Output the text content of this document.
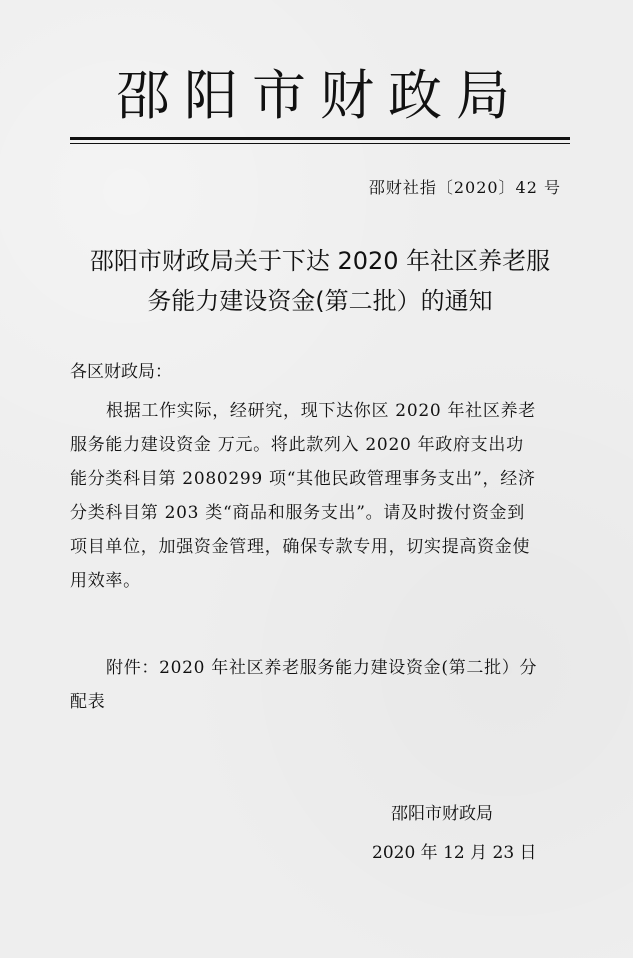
邵阳市财政局
邵财社指〔2020〕42 号
邵阳市财政局关于下达 2020 年社区养老服
务能力建设资金(第二批）的通知
各区财政局：
根据工作实际，经研究，现下达你区 2020 年社区养老
服务能力建设资金 万元。将此款列入 2020 年政府支出功
能分类科目第 2080299 项“其他民政管理事务支出”，经济
分类科目第 203 类“商品和服务支出”。请及时拨付资金到
项目单位，加强资金管理，确保专款专用，切实提高资金使
用效率。
附件：2020 年社区养老服务能力建设资金(第二批）分
配表
邵阳市财政局
2020 年 12 月 23 日
